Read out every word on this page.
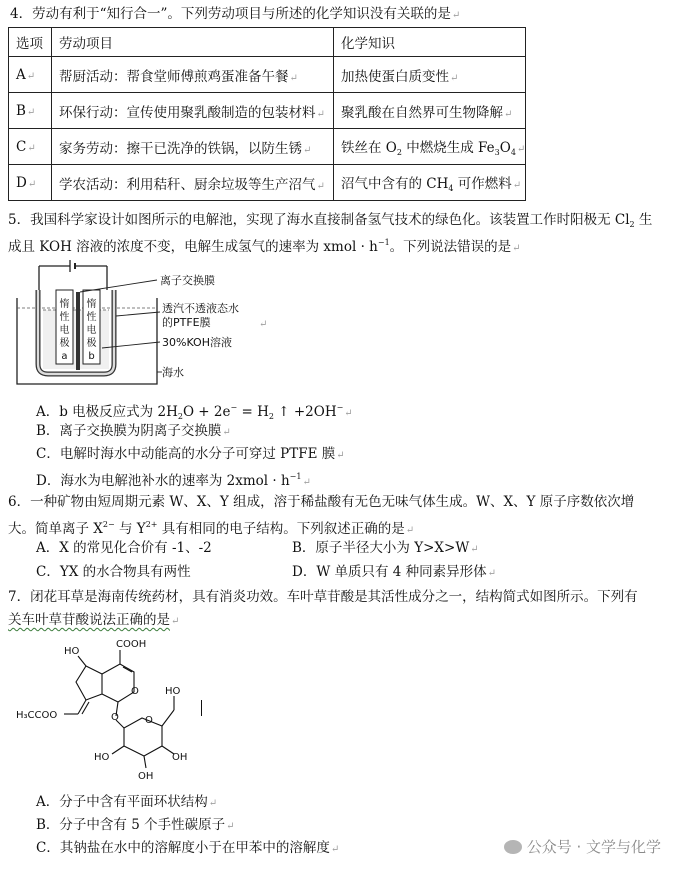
4．劳动有利于“知行合一”。下列劳动项目与所述的化学知识没有关联的是↵
选项	劳动项目	化学知识
A↵	帮厨活动：帮食堂师傅煎鸡蛋准备午餐↵	加热使蛋白质变性↵
B↵	环保行动：宣传使用聚乳酸制造的包装材料↵	聚乳酸在自然界可生物降解↵
C↵	家务劳动：擦干已洗净的铁锅，以防生锈↵	铁丝在 $O_2$ 中燃烧生成 $Fe_3O_4↵$
D↵	学农活动：利用秸秆、厨余垃圾等生产沼气↵	沼气中含有的 $CH_4$ 可作燃料↵
5．我国科学家设计如图所示的电解池，实现了海水直接制备氢气技术的绿色化。该装置工作时阳极无 $Cl_2$ 生
成且 KOH 溶液的浓度不变，电解生成氢气的速率为 xmol · $h^{-1}$。下列说法错误的是↵
惰
性
电
极
a
惰
性
电
极
b
离子交换膜
透汽不透液态水
的PTFE膜
30%KOH溶液
海水
↵
A．b 电极反应式为 $2H_2O + 2e^- = H_2$ ↑ +2OH−↵
B．离子交换膜为阴离子交换膜↵
C．电解时海水中动能高的水分子可穿过 PTFE 膜↵
D．海水为电解池补水的速率为 2xmol · $h^{-1}↵$
6．一种矿物由短周期元素 W、X、Y 组成，溶于稀盐酸有无色无味气体生成。W、X、Y 原子序数依次增
大。简单离子 $X^{2-}$ 与 $Y^{2+}$ 具有相同的电子结构。下列叙述正确的是↵
A．X 的常见化合价有 -1、-2	B．原子半径大小为 Y>X>W↵
C．YX 的水合物具有两性	D．W 单质只有 4 种同素异形体↵
7．闭花耳草是海南传统药材，具有消炎功效。车叶草苷酸是其活性成分之一，结构简式如图所示。下列有
关车叶草苷酸说法正确的是↵
COOH
HO
H₃CCOO
HO
HO	OH
OH
O
O
O
A．分子中含有平面环状结构↵
B．分子中含有 5 个手性碳原子↵
C．其钠盐在水中的溶解度小于在甲苯中的溶解度↵	公众号 · 文学与化学
